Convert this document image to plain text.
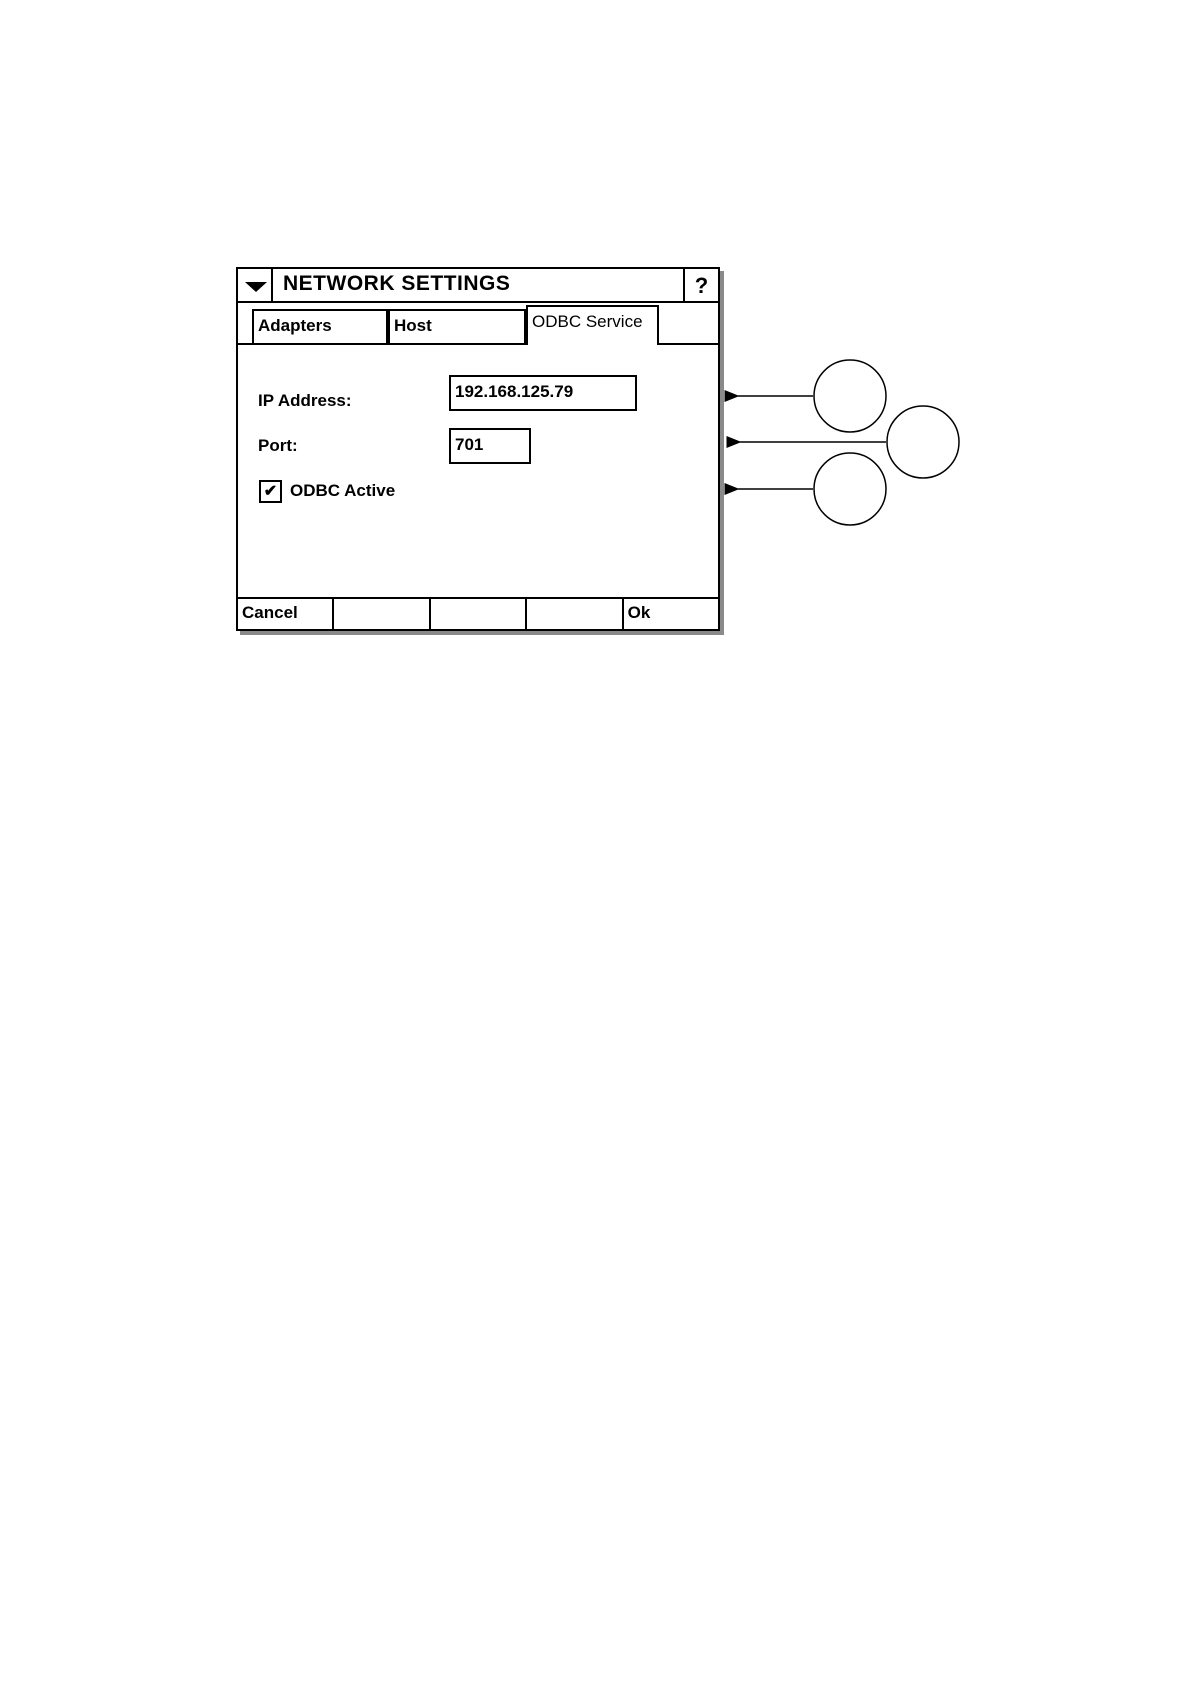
NETWORK SETTINGS	?
Adapters	Host	ODBC Service
IP Address:	192.168.125.79
Port:	701
✔ ODBC Active
Cancel	Ok
